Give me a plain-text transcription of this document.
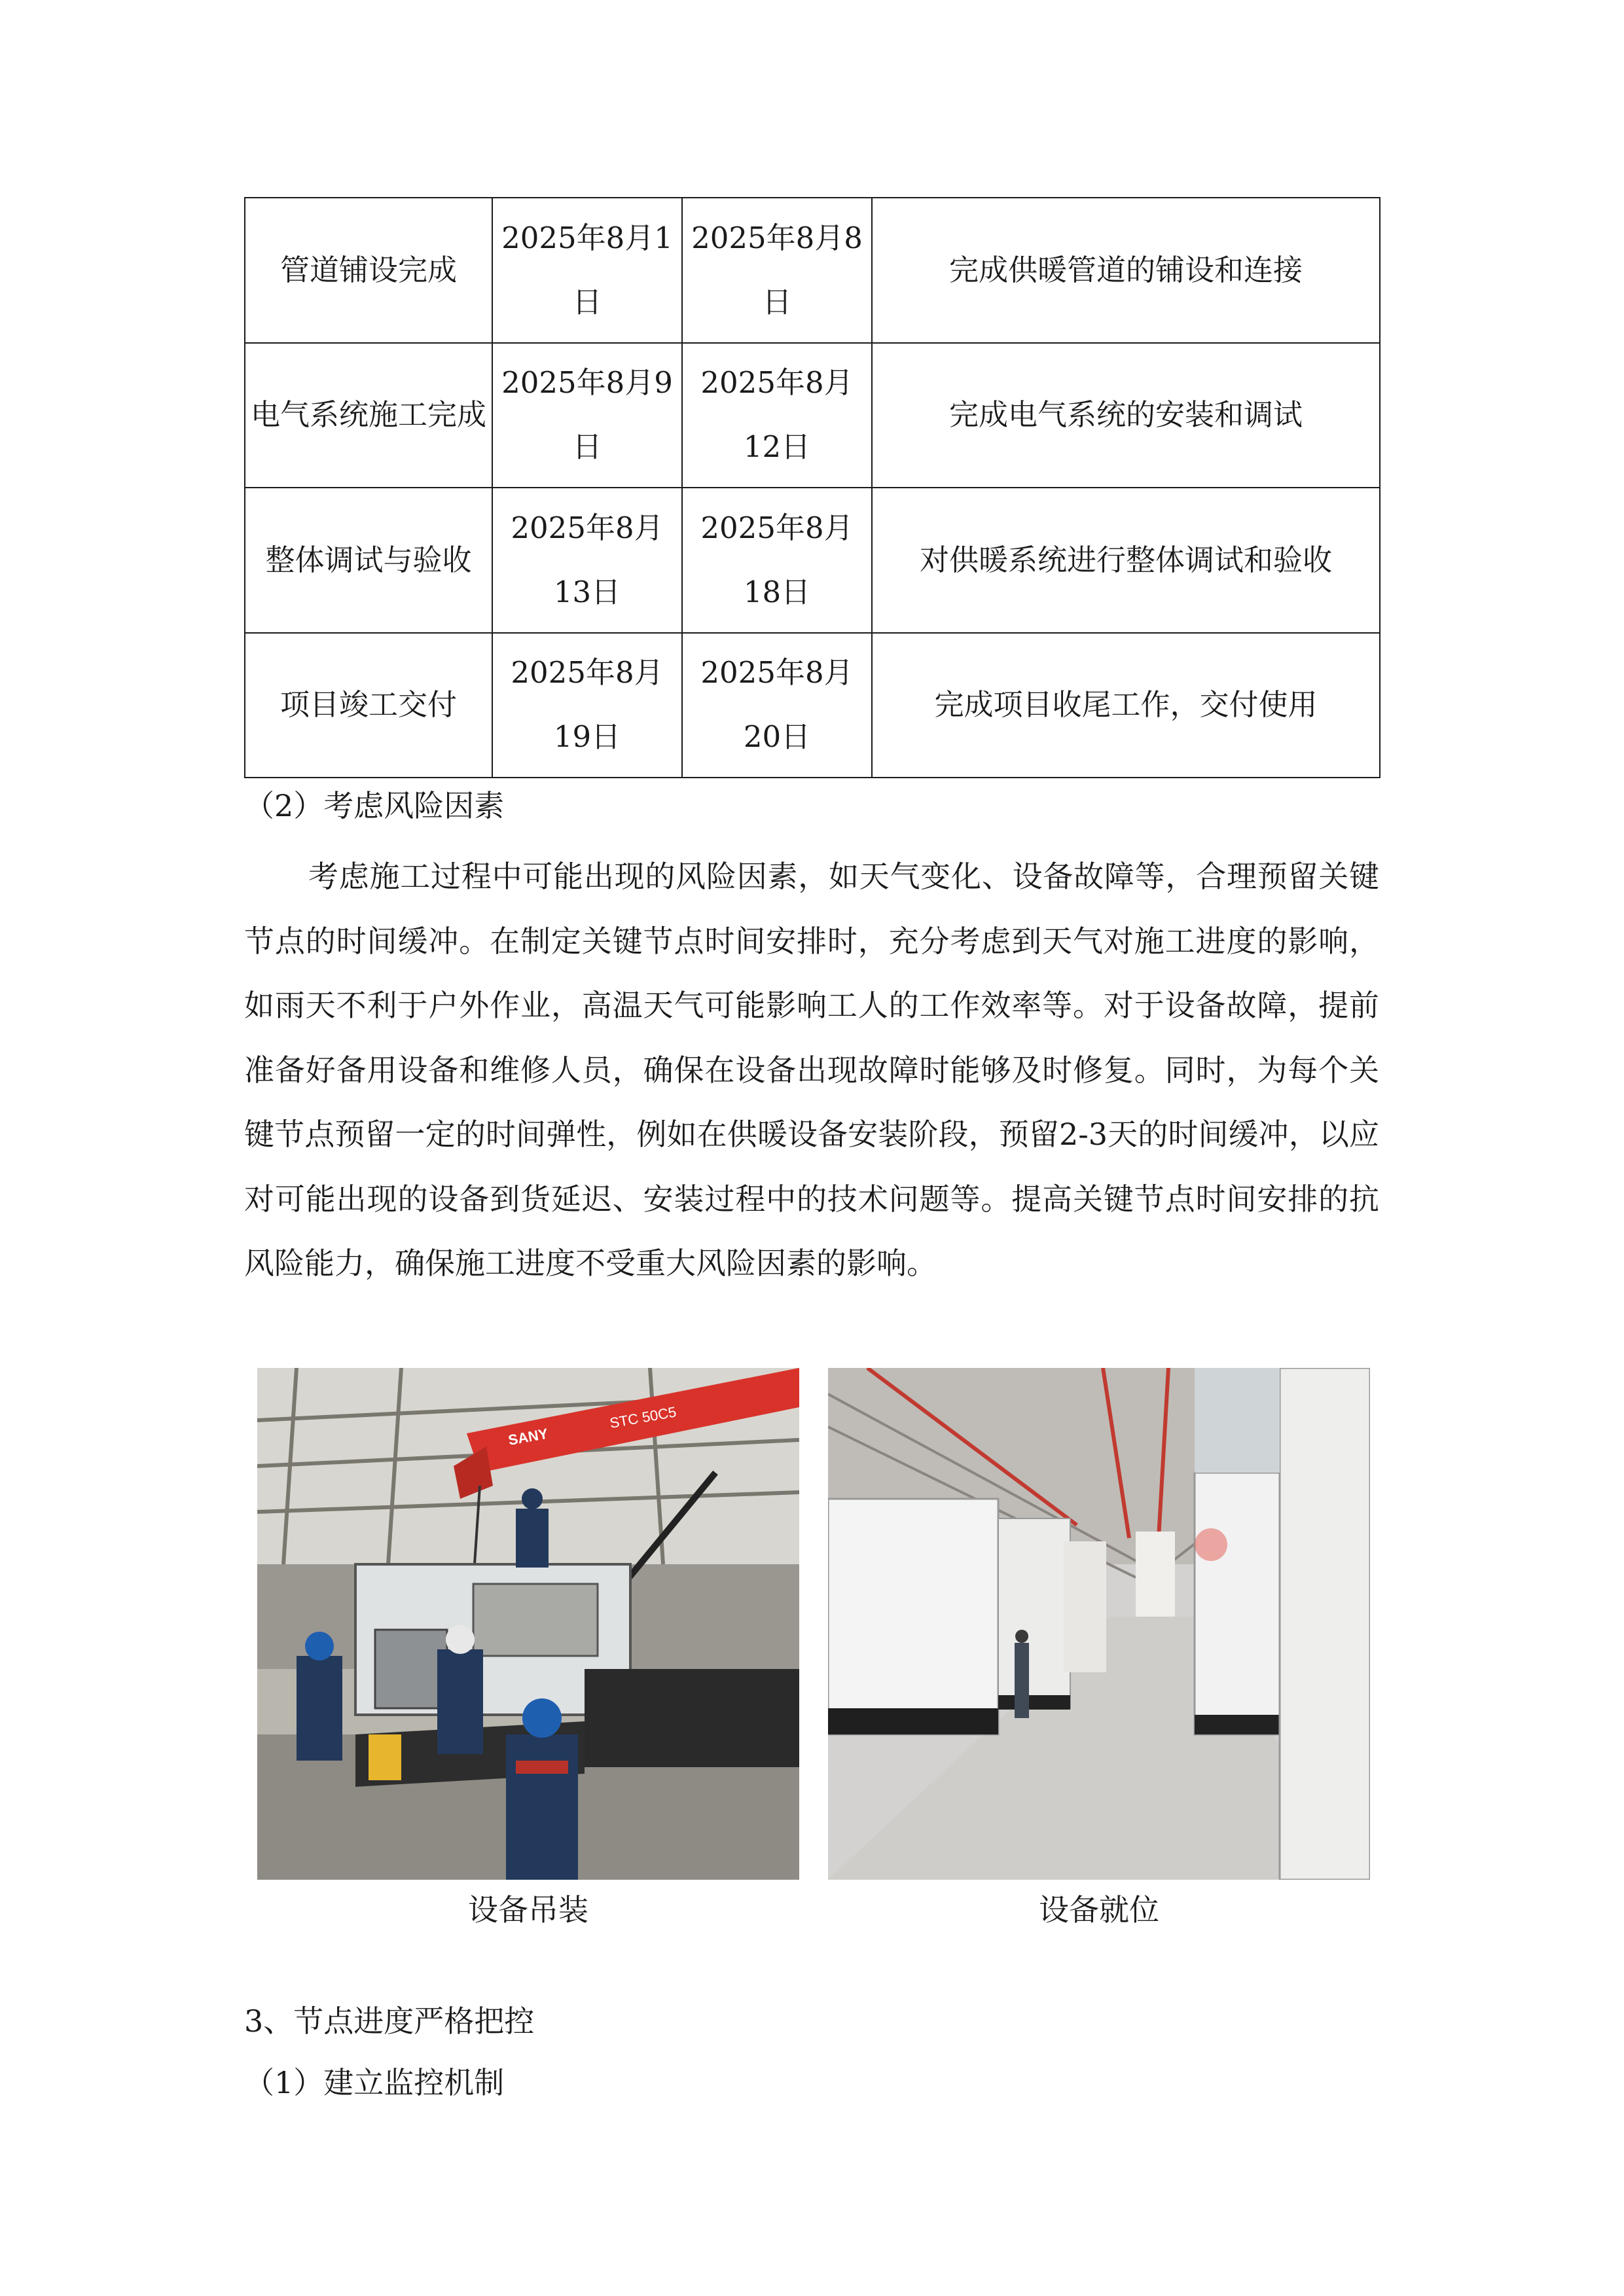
管道铺设完成	2025年8月1日	2025年8月8日	完成供暖管道的铺设和连接
电气系统施工完成	2025年8月9日	2025年8月12日	完成电气系统的安装和调试
整体调试与验收	2025年8月13日	2025年8月18日	对供暖系统进行整体调试和验收
项目竣工交付	2025年8月19日	2025年8月20日	完成项目收尾工作，交付使用
（2）考虑风险因素

考虑施工过程中可能出现的风险因素，如天气变化、设备故障等，合理预留关键节点的时间缓冲。在制定关键节点时间安排时，充分考虑到天气对施工进度的影响，如雨天不利于户外作业，高温天气可能影响工人的工作效率等。对于设备故障，提前准备好备用设备和维修人员，确保在设备出现故障时能够及时修复。同时，为每个关键节点预留一定的时间弹性，例如在供暖设备安装阶段，预留2-3天的时间缓冲，以应对可能出现的设备到货延迟、安装过程中的技术问题等。提高关键节点时间安排的抗风险能力，确保施工进度不受重大风险因素的影响。

SANY
STC 50C5
设备吊装	设备就位
3、节点进度严格把控
（1）建立监控机制
